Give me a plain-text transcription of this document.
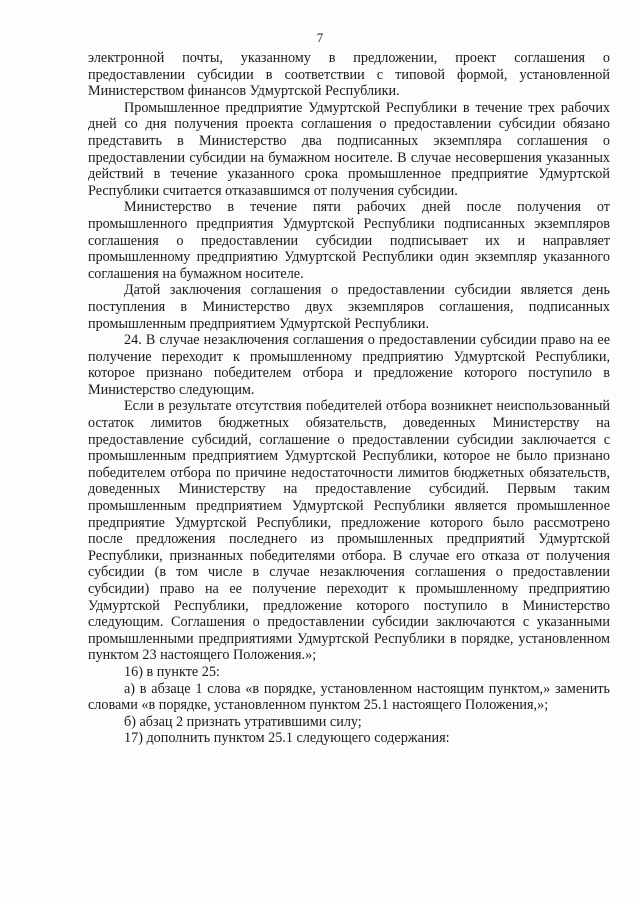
7

электронной почты, указанному в предложении, проект соглашения о предоставлении субсидии в соответствии с типовой формой, установленной Министерством финансов Удмуртской Республики.

Промышленное предприятие Удмуртской Республики в течение трех рабочих дней со дня получения проекта соглашения о предоставлении субсидии обязано представить в Министерство два подписанных экземпляра соглашения о предоставлении субсидии на бумажном носителе. В случае несовершения указанных действий в течение указанного срока промышленное предприятие Удмуртской Республики считается отказавшимся от получения субсидии.

Министерство в течение пяти рабочих дней после получения от промышленного предприятия Удмуртской Республики подписанных экземпляров соглашения о предоставлении субсидии подписывает их и направляет промышленному предприятию Удмуртской Республики один экземпляр указанного соглашения на бумажном носителе.

Датой заключения соглашения о предоставлении субсидии является день поступления в Министерство двух экземпляров соглашения, подписанных промышленным предприятием Удмуртской Республики.

24. В случае незаключения соглашения о предоставлении субсидии право на ее получение переходит к промышленному предприятию Удмуртской Республики, которое признано победителем отбора и предложение которого поступило в Министерство следующим.

Если в результате отсутствия победителей отбора возникнет неиспользованный остаток лимитов бюджетных обязательств, доведенных Министерству на предоставление субсидий, соглашение о предоставлении субсидии заключается с промышленным предприятием Удмуртской Республики, которое не было признано победителем отбора по причине недостаточности лимитов бюджетных обязательств, доведенных Министерству на предоставление субсидий. Первым таким промышленным предприятием Удмуртской Республики является промышленное предприятие Удмуртской Республики, предложение которого было рассмотрено после предложения последнего из промышленных предприятий Удмуртской Республики, признанных победителями отбора. В случае его отказа от получения субсидии (в том числе в случае незаключения соглашения о предоставлении субсидии) право на ее получение переходит к промышленному предприятию Удмуртской Республики, предложение которого поступило в Министерство следующим. Соглашения о предоставлении субсидии заключаются с указанными промышленными предприятиями Удмуртской Республики в порядке, установленном пунктом 23 настоящего Положения.»;

16) в пункте 25:

а) в абзаце 1 слова «в порядке, установленном настоящим пунктом,» заменить словами «в порядке, установленном пунктом 25.1 настоящего Положения,»;

б) абзац 2 признать утратившими силу;

17) дополнить пунктом 25.1 следующего содержания:
